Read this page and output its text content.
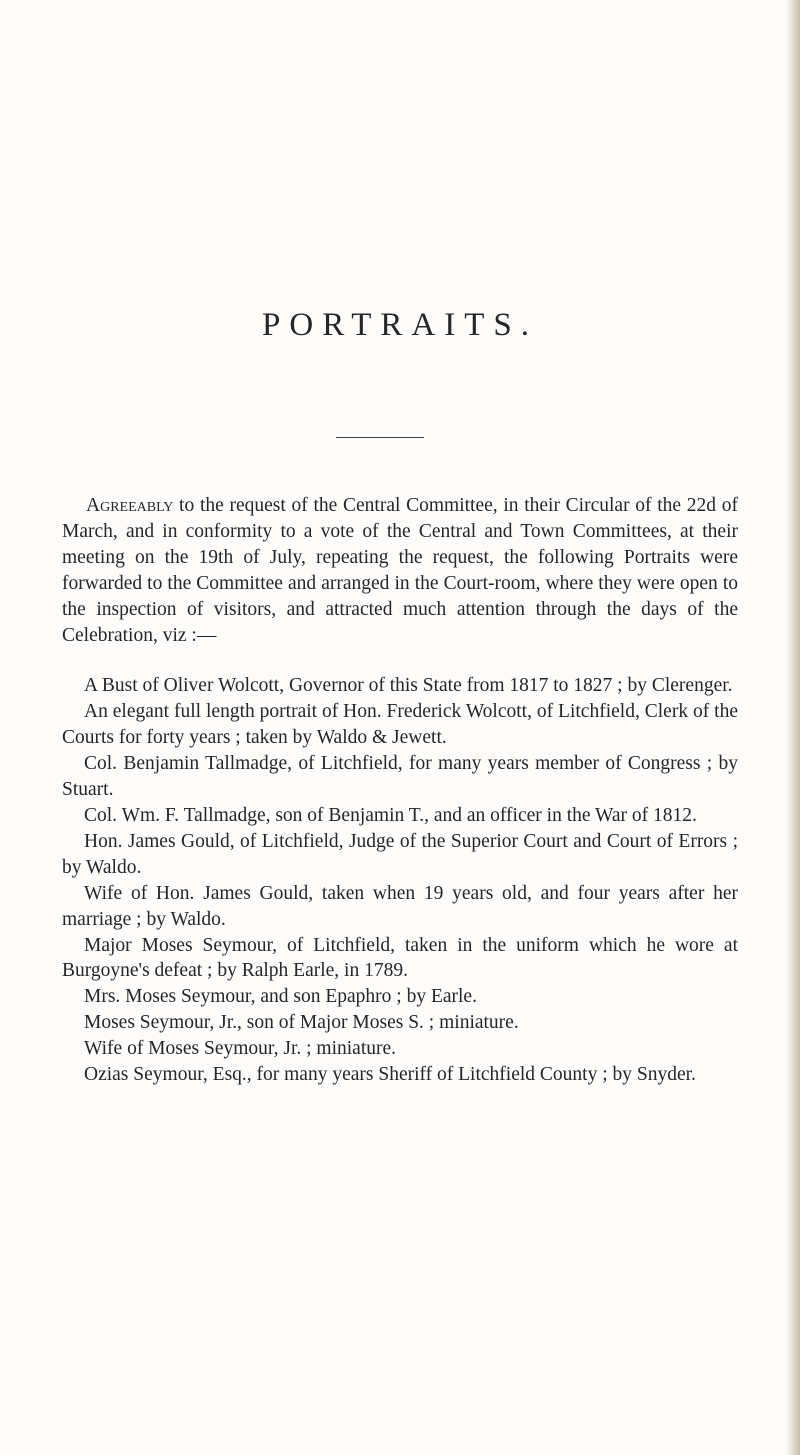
PORTRAITS.

Agreeably to the request of the Central Committee, in their Circular of the 22d of March, and in conformity to a vote of the Central and Town Committees, at their meeting on the 19th of July, repeating the request, the following Portraits were forwarded to the Committee and arranged in the Court-room, where they were open to the inspection of visitors, and attracted much attention through the days of the Celebration, viz :—

A Bust of Oliver Wolcott, Governor of this State from 1817 to 1827 ; by Clerenger.

An elegant full length portrait of Hon. Frederick Wolcott, of Litchfield, Clerk of the Courts for forty years ; taken by Waldo & Jewett.

Col. Benjamin Tallmadge, of Litchfield, for many years member of Congress ; by Stuart.

Col. Wm. F. Tallmadge, son of Benjamin T., and an officer in the War of 1812.

Hon. James Gould, of Litchfield, Judge of the Superior Court and Court of Errors ; by Waldo.

Wife of Hon. James Gould, taken when 19 years old, and four years after her marriage ; by Waldo.

Major Moses Seymour, of Litchfield, taken in the uniform which he wore at Burgoyne's defeat ; by Ralph Earle, in 1789.

Mrs. Moses Seymour, and son Epaphro ; by Earle.

Moses Seymour, Jr., son of Major Moses S. ; miniature.

Wife of Moses Seymour, Jr. ; miniature.

Ozias Seymour, Esq., for many years Sheriff of Litchfield County ; by Snyder.
